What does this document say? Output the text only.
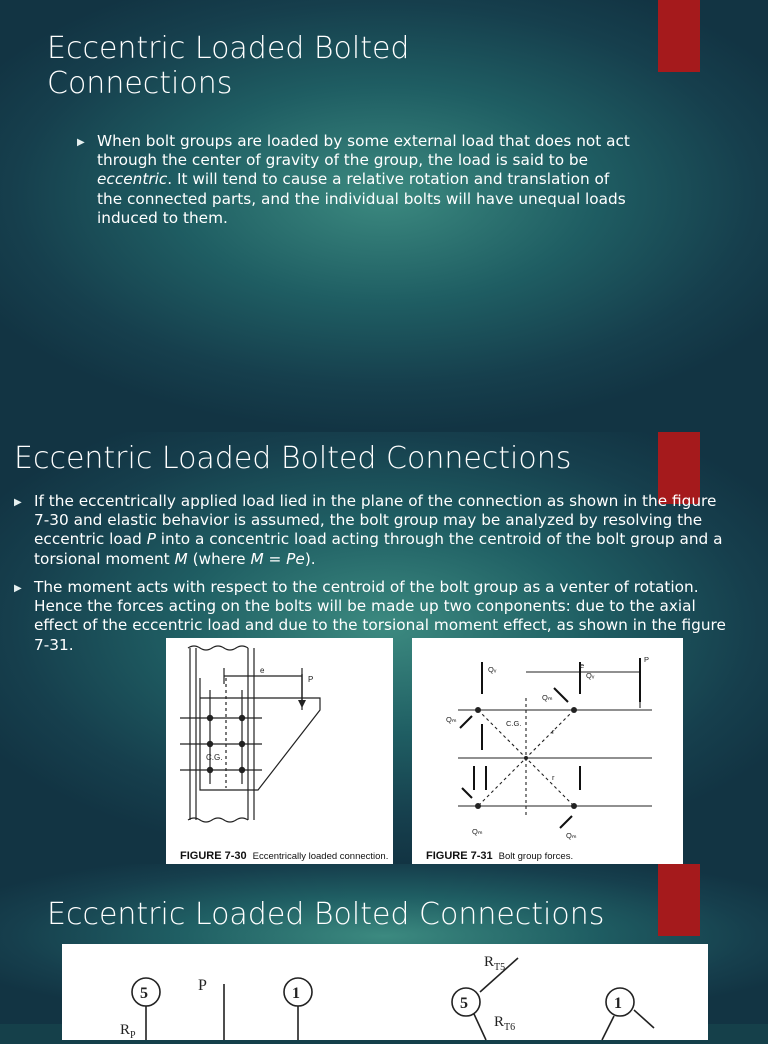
Eccentric Loaded Bolted Connections
▶ When bolt groups are loaded by some external load that does not act through the center of gravity of the group, the load is said to be eccentric. It will tend to cause a relative rotation and translation of the connected parts, and the individual bolts will have unequal loads induced to them.
Eccentric Loaded Bolted Connections
▶ If the eccentrically applied load lied in the plane of the connection as shown in the figure 7-30 and elastic behavior is assumed, the bolt group may be analyzed by resolving the eccentric load P into a concentric load acting through the centroid of the bolt group and a torsional moment M (where M = Pe).
▶ The moment acts with respect to the centroid of the bolt group as a venter of rotation. Hence the forces acting on the bolts will be made up two conponents: due to the axial effect of the eccentric load and due to the torsional moment effect, as shown in the figure 7-31.
e
P
C.G.
FIGURE 7-30 Eccentrically loaded connection.
Qᵥ
Qᵥ
Qₘ
Qₘ	C.G.
r
r
Qₘ	Qₘ
e
P
FIGURE 7-31 Bolt group forces.
Eccentric Loaded Bolted Connections
5	1
5	1
P
$R_{T5}$
$R_{T6}$
$R_P$
